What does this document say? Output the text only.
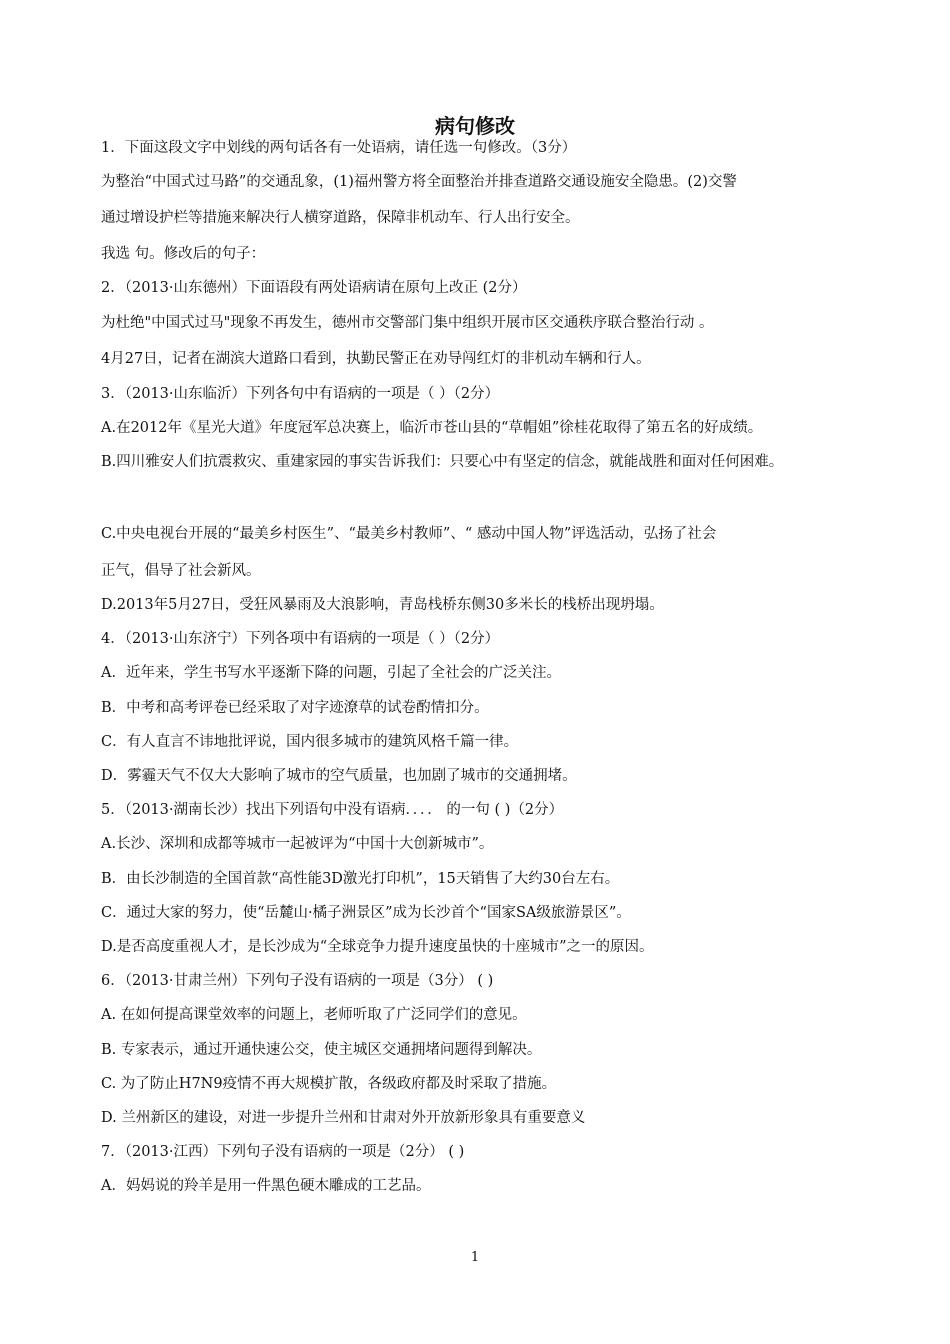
病句修改
1．下面这段文字中划线的两句话各有一处语病，请任选一句修改。（3分）
为整治“中国式过马路”的交通乱象，(1)福州警方将全面整治并排查道路交通设施安全隐患。(2)交警
通过增设护栏等措施来解决行人横穿道路，保障非机动车、行人出行安全。
我选 句。修改后的句子：
2．（2013·山东德州）下面语段有两处语病请在原句上改正 (2分）
为杜绝"中国式过马"现象不再发生，德州市交警部门集中组织开展市区交通秩序联合整治行动 。
4月27日，记者在湖滨大道路口看到，执勤民警正在劝导闯红灯的非机动车辆和行人。
3．（2013·山东临沂）下列各句中有语病的一项是（ ）（2分）
A.在2012年《星光大道》年度冠军总决赛上，临沂市苍山县的“草帽姐”徐桂花取得了第五名的好成绩。
B.四川雅安人们抗震救灾、重建家园的事实告诉我们：只要心中有坚定的信念，就能战胜和面对任何困难。
C.中央电视台开展的“最美乡村医生”、“最美乡村教师”、“ 感动中国人物”评选活动，弘扬了社会
正气，倡导了社会新风。
D.2013年5月27日，受狂风暴雨及大浪影响，青岛栈桥东侧30多米长的栈桥出现坍塌。
4．（2013·山东济宁）下列各项中有语病的一项是（ ）（2分）
A．近年来，学生书写水平逐渐下降的问题，引起了全社会的广泛关注。
B．中考和高考评卷已经采取了对字迹潦草的试卷酌情扣分。
C．有人直言不讳地批评说，国内很多城市的建筑风格千篇一律。
D．雾霾天气不仅大大影响了城市的空气质量，也加剧了城市的交通拥堵。
5．（2013·湖南长沙）找出下列语句中没有语病．．．． 的一句 ( )（2分）
A.长沙、深圳和成都等城市一起被评为“中国十大创新城市”。
B．由长沙制造的全国首款“高性能3D激光打印机”，15天销售了大约30台左右。
C．通过大家的努力，使“岳麓山·橘子洲景区”成为长沙首个“国家SA级旅游景区”。
D.是否高度重视人才，是长沙成为“全球竞争力提升速度虽快的十座城市”之一的原因。
6．（2013·甘肃兰州）下列句子没有语病的一项是（3分） ( )
A. 在如何提高课堂效率的问题上，老师听取了广泛同学们的意见。
B. 专家表示，通过开通快速公交，使主城区交通拥堵问题得到解决。
C. 为了防止H7N9疫情不再大规模扩散，各级政府都及时采取了措施。
D. 兰州新区的建设，对进一步提升兰州和甘肃对外开放新形象具有重要意义
7．（2013·江西）下列句子没有语病的一项是（2分） ( )
A．妈妈说的羚羊是用一件黑色硬木雕成的工艺品。
1
